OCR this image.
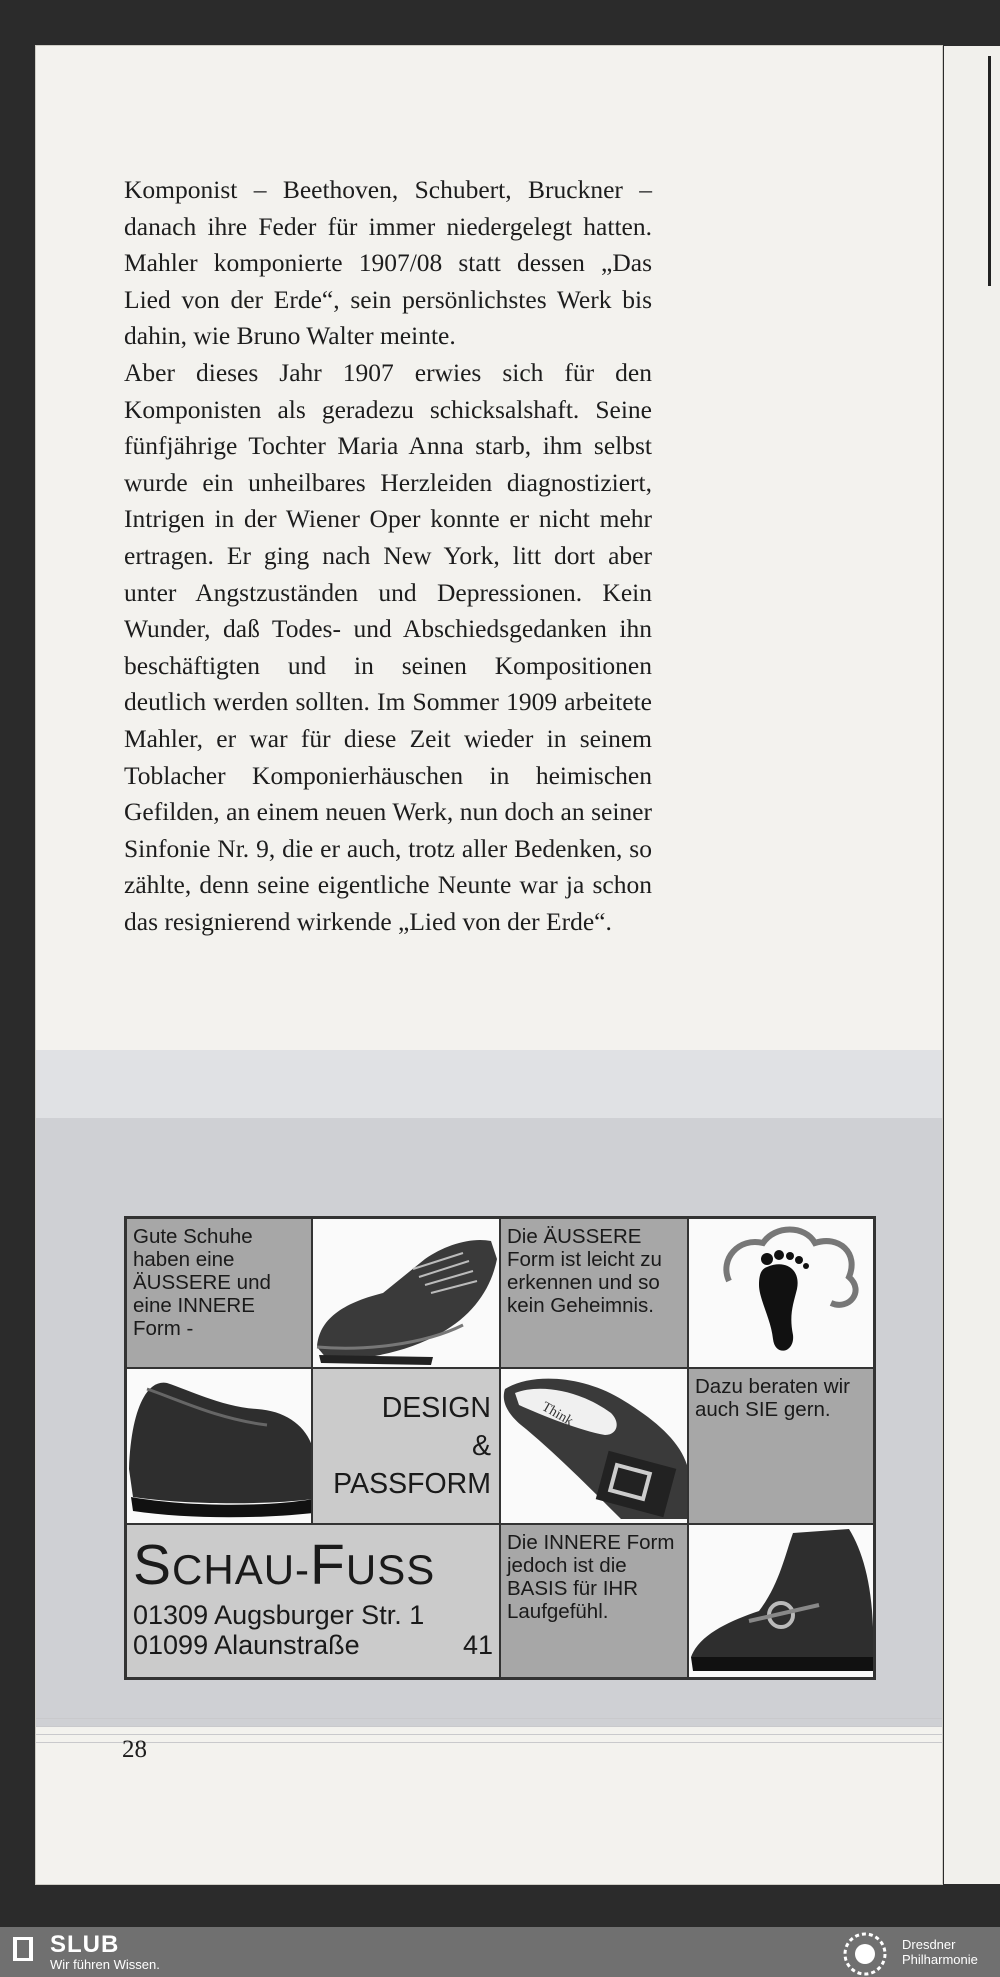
Komponist – Beethoven, Schubert, Bruckner – danach ihre Feder für immer niedergelegt hatten. Mahler komponierte 1907/08 statt dessen „Das Lied von der Erde“, sein persönlichstes Werk bis dahin, wie Bruno Walter meinte.

Aber dieses Jahr 1907 erwies sich für den Komponisten als geradezu schicksalshaft. Seine fünfjährige Tochter Maria Anna starb, ihm selbst wurde ein unheilbares Herzleiden diagnostiziert, Intrigen in der Wiener Oper konnte er nicht mehr ertragen. Er ging nach New York, litt dort aber unter Angstzuständen und Depressionen. Kein Wunder, daß Todes- und Abschiedsgedanken ihn beschäftigten und in seinen Kompositionen deutlich werden sollten. Im Sommer 1909 arbeitete Mahler, er war für diese Zeit wieder in seinem Toblacher Komponierhäuschen in heimischen Gefilden, an einem neuen Werk, nun doch an seiner Sinfonie Nr. 9, die er auch, trotz aller Bedenken, so zählte, denn seine eigentliche Neunte war ja schon das resignierend wirkende „Lied von der Erde“.

Gute Schuhe haben eine ÄUSSERE und eine INNERE Form -
Die ÄUSSERE Form ist leicht zu erkennen und so kein Geheimnis.
DESIGN
&
PASSFORM
Think
Dazu beraten wir auch SIE gern.
SCHAU-FUSS
01309 Augsburger Str. 1
01099 Alaunstraße	41
Die INNERE Form jedoch ist die BASIS für IHR Laufgefühl.
28
SLUB
Wir führen Wissen.
Dresdner
Philharmonie
